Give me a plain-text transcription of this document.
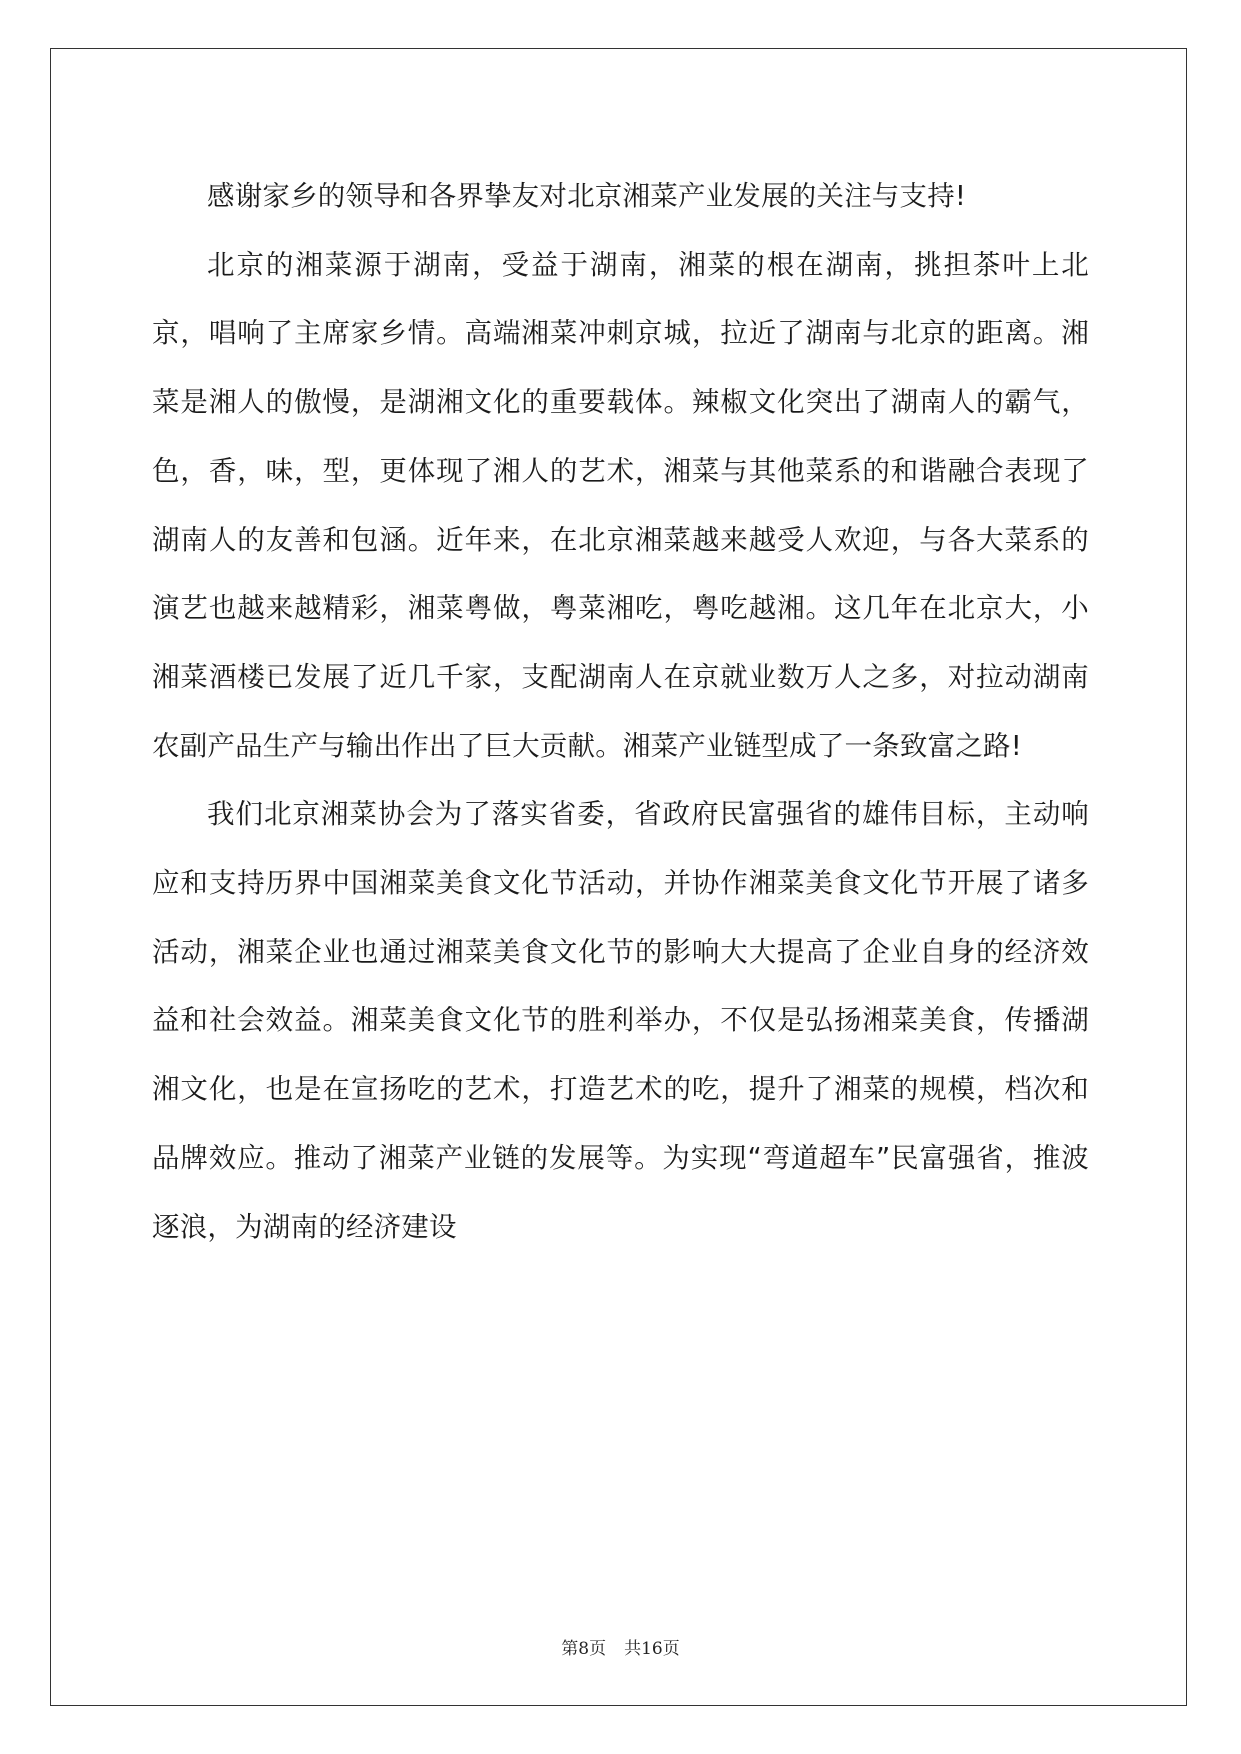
感谢家乡的领导和各界挚友对北京湘菜产业发展的关注与支持!

北京的湘菜源于湖南，受益于湖南，湘菜的根在湖南，挑担茶叶上北京，唱响了主席家乡情。高端湘菜冲刺京城，拉近了湖南与北京的距离。湘菜是湘人的傲慢，是湖湘文化的重要载体。辣椒文化突出了湖南人的霸气，色，香，味，型，更体现了湘人的艺术，湘菜与其他菜系的和谐融合表现了湖南人的友善和包涵。近年来，在北京湘菜越来越受人欢迎，与各大菜系的演艺也越来越精彩，湘菜粤做，粤菜湘吃，粤吃越湘。这几年在北京大，小湘菜酒楼已发展了近几千家，支配湖南人在京就业数万人之多，对拉动湖南农副产品生产与输出作出了巨大贡献。湘菜产业链型成了一条致富之路!

我们北京湘菜协会为了落实省委，省政府民富强省的雄伟目标，主动响应和支持历界中国湘菜美食文化节活动，并协作湘菜美食文化节开展了诸多活动，湘菜企业也通过湘菜美食文化节的影响大大提高了企业自身的经济效益和社会效益。湘菜美食文化节的胜利举办，不仅是弘扬湘菜美食，传播湖湘文化，也是在宣扬吃的艺术，打造艺术的吃，提升了湘菜的规模，档次和品牌效应。推动了湘菜产业链的发展等。为实现“弯道超车”民富强省，推波逐浪，为湖南的经济建设

第8页 共16页
